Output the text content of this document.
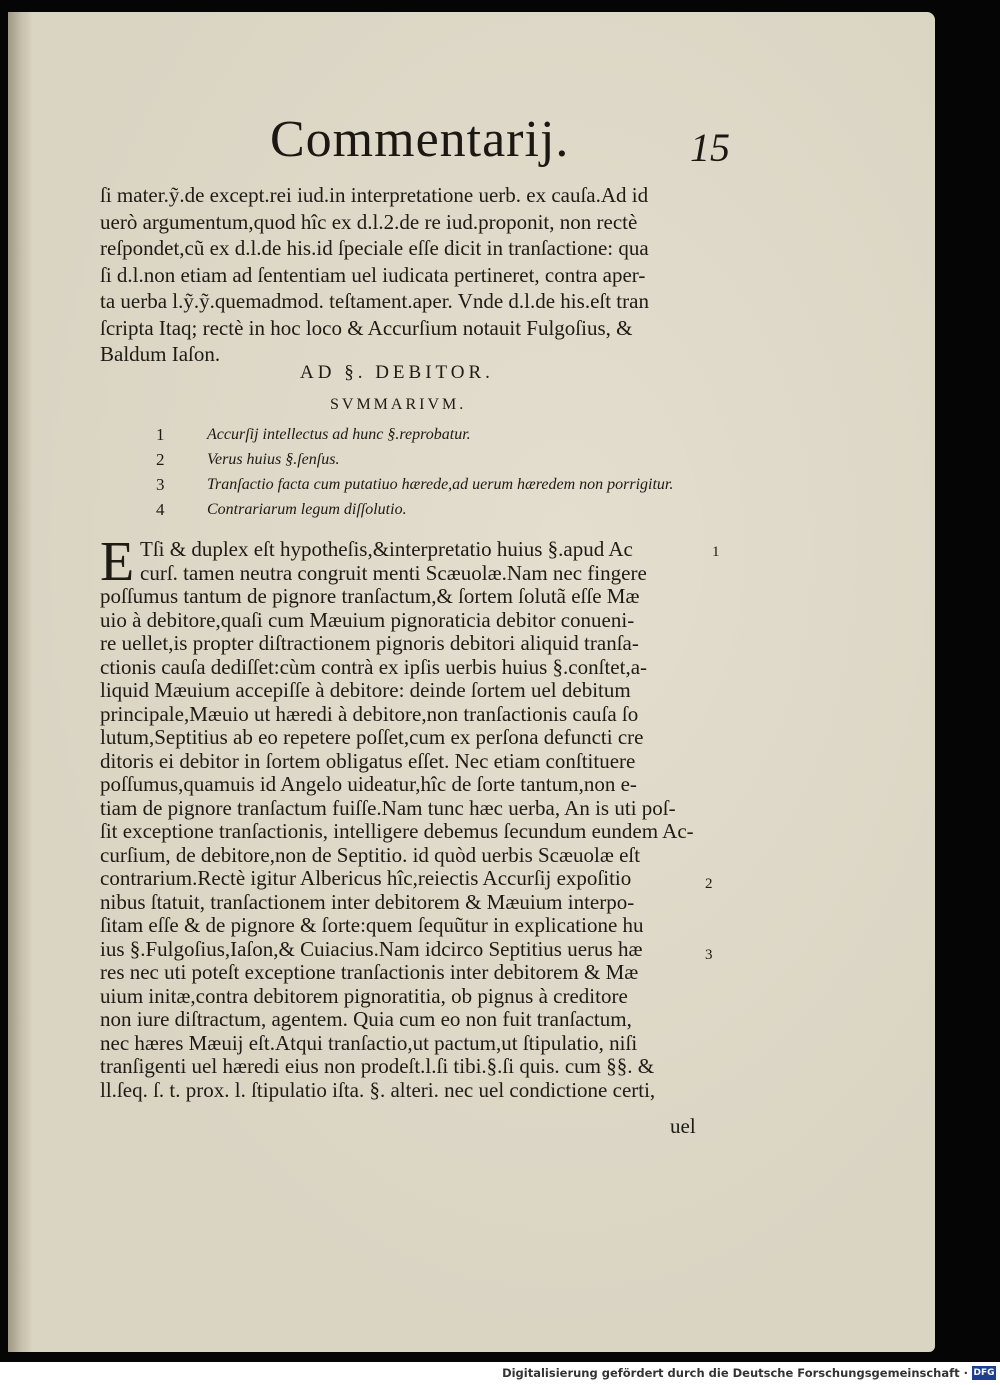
Commentarij.	15
ſi mater.ỹ.de except.rei iud.in interpretatione uerb. ex cauſa.Ad id
uerò argumentum,quod hîc ex d.l.2.de re iud.proponit, non rectè
reſpondet,cũ ex d.l.de his.id ſpeciale eſſe dicit in tranſactione: qua
ſi d.l.non etiam ad ſententiam uel iudicata pertineret, contra aper-
ta uerba l.ỹ.ỹ.quemadmod. teſtament.aper. Vnde d.l.de his.eſt tran
ſcripta Itaq; rectè in hoc loco & Accurſium notauit Fulgoſius, &
Baldum Iaſon.
AD §. DEBITOR.
SVMMARIVM.
1	Accurſij intellectus ad hunc §.reprobatur.
2	Verus huius §.ſenſus.
3	Tranſactio facta cum putatiuo hærede,ad uerum hæredem non porrigitur.
4	Contrariarum legum diſſolutio.
E Tſi & duplex eſt hypotheſis,&interpretatio huius §.apud Ac
curſ. tamen neutra congruit menti Scæuolæ.Nam nec fingere
poſſumus tantum de pignore tranſactum,& ſortem ſolutã eſſe Mæ
uio à debitore,quaſi cum Mæuium pignoraticia debitor conueni-
re uellet,is propter diſtractionem pignoris debitori aliquid tranſa-
ctionis cauſa dediſſet:cùm contrà ex ipſis uerbis huius §.conſtet,a-
liquid Mæuium accepiſſe à debitore: deinde ſortem uel debitum
principale,Mæuio ut hæredi à debitore,non tranſactionis cauſa ſo
lutum,Septitius ab eo repetere poſſet,cum ex perſona defuncti cre
ditoris ei debitor in ſortem obligatus eſſet. Nec etiam conſtituere
poſſumus,quamuis id Angelo uideatur,hîc de ſorte tantum,non e-
tiam de pignore tranſactum fuiſſe.Nam tunc hæc uerba, An is uti poſ-
ſit exceptione tranſactionis, intelligere debemus ſecundum eundem Ac-
curſium, de debitore,non de Septitio. id quòd uerbis Scæuolæ eſt
contrarium.Rectè igitur Albericus hîc,reiectis Accurſij expoſitio
nibus ſtatuit, tranſactionem inter debitorem & Mæuium interpo-
ſitam eſſe & de pignore & ſorte:quem ſequũtur in explicatione hu
ius §.Fulgoſius,Iaſon,& Cuiacius.Nam idcirco Septitius uerus hæ
res nec uti poteſt exceptione tranſactionis inter debitorem & Mæ
uium initæ,contra debitorem pignoratitia, ob pignus à creditore
non iure diſtractum, agentem. Quia cum eo non fuit tranſactum,
nec hæres Mæuij eſt.Atqui tranſactio,ut pactum,ut ſtipulatio, niſi
tranſigenti uel hæredi eius non prodeſt.l.ſi tibi.§.ſi quis. cum §§. &
ll.ſeq. ſ. t. prox. l. ſtipulatio iſta. §. alteri. nec uel condictione certi,
1
2
3
uel
Digitalisierung gefördert durch die Deutsche Forschungsgemeinschaft · DFG
